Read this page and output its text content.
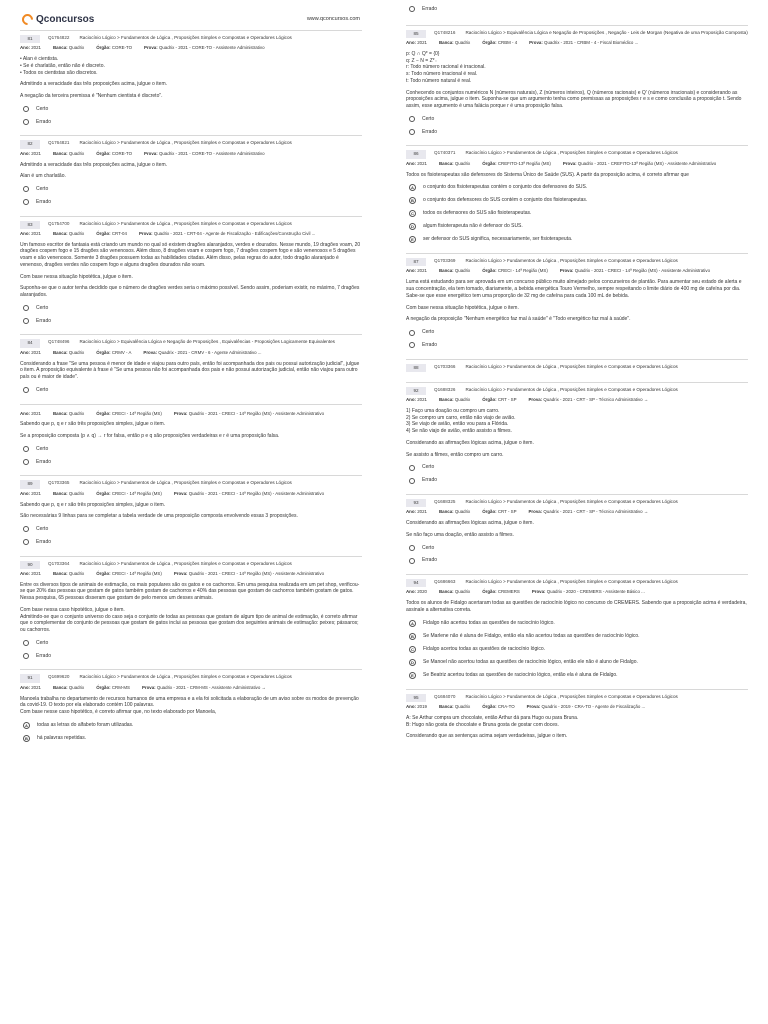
Qconcursos	www.qconcursos.com
81	Q1764822 Raciocínio Lógico > Fundamentos de Lógica , Proposições Simples e Compostas e Operadores Lógicos
Ano: 2021	Banca: Quadrix	Órgão: CORE-TO	Prova: Quadrix - 2021 - CORE-TO - Assistente Administrativo

• Alan é cientista.
• Se é charlatão, então não é discreto.
• Todos os cientistas são discretos.

Admitindo a veracidade das três proposições acima, julgue o item.

A negação da terceira premissa é "Nenhum cientista é discreto".

Certo
Errado
82	Q1764821 Raciocínio Lógico > Fundamentos de Lógica , Proposições Simples e Compostas e Operadores Lógicos
Ano: 2021	Banca: Quadrix	Órgão: CORE-TO	Prova: Quadrix - 2021 - CORE-TO - Assistente Administrativo

Admitindo a veracidade das três proposições acima, julgue o item.

Alan é um charlatão.

Certo
Errado
83	Q1754700 Raciocínio Lógico > Fundamentos de Lógica , Proposições Simples e Compostas e Operadores Lógicos
Ano: 2021	Banca: Quadrix	Órgão: CRT-04	Prova: Quadrix - 2021 - CRT-04 - Agente de Fiscalização - Edificações/Construção Civil ...

Um famoso escritor de fantasia está criando um mundo no qual só existem dragões alaranjados, verdes e dourados. Nesse mundo, 19 dragões voam, 20 dragões cospem fogo e 15 dragões são venenosos. Além disso, 8 dragões voam e cospem fogo, 7 dragões cospem fogo e são venenosos e 5 dragões voam e são venenosos. Somente 3 dragões possuem todas as habilidades citadas. Além disso, pelas regras do autor, todo dragão alaranjado é venenoso, dragões verdes não cospem fogo e alguns dragões dourados não voam.

Com base nessa situação hipotética, julgue o item.

Suponha-se que o autor tenha decidido que o número de dragões verdes seria o máximo possível. Sendo assim, poderiam existir, no máximo, 7 dragões alaranjados.

Certo
Errado
84	Q1748496 Raciocínio Lógico > Equivalência Lógica e Negação de Proposições , Equivalências - Proposições Logicamente Equivalentes
Ano: 2021	Banca: Quadrix	Órgão: CRMV - A	Prova: Quadrix - 2021 - CRMV - 6 - Agente Administrativo ...

Considerando a frase "Se uma pessoa é menor de idade e viajou para outro país, então foi acompanhada dos pais ou possui autorização judicial", julgue o item. A proposição equivalente à frase é "Se uma pessoa não foi acompanhada dos pais e não possui autorização judicial, então não viajou para outro país ou é maior de idade".

Certo
Ano: 2021	Banca: Quadrix	Órgão: CRECI - 14ª Região (MS)	Prova: Quadrix - 2021 - CRECI - 14ª Região (MS) - Assistente Administrativo

Sabendo que p, q e r são três proposições simples, julgue o item.

Se a proposição composta (p ∧ q) → r for falsa, então p e q são proposições verdadeiras e r é uma proposição falsa.

Certo
Errado
89	Q1703365 Raciocínio Lógico > Fundamentos de Lógica , Proposições Simples e Compostas e Operadores Lógicos
Ano: 2021	Banca: Quadrix	Órgão: CRECI - 14ª Região (MS)	Prova: Quadrix - 2021 - CRECI - 14ª Região (MS) - Assistente Administrativo

Sabendo que p, q e r são três proposições simples, julgue o item.

São necessárias 9 linhas para se completar a tabela verdade de uma proposição composta envolvendo essas 3 proposições.

Certo
Errado
90	Q1703364 Raciocínio Lógico > Fundamentos de Lógica , Proposições Simples e Compostas e Operadores Lógicos
Ano: 2021	Banca: Quadrix	Órgão: CRECI - 14ª Região (MS)	Prova: Quadrix - 2021 - CRECI - 14ª Região (MS) - Assistente Administrativo

Entre os diversos tipos de animais de estimação, os mais populares são os gatos e os cachorros. Em uma pesquisa realizada em um pet shop, verificou-se que 20% das pessoas que gostam de gatos também gostam de cachorros e 40% das pessoas que gostam de cachorros também gostam de gatos. Nessa pesquisa, 65 pessoas disseram que gostam de pelo menos um desses animais.

Com base nessa caso hipotético, julgue o item.
Admitindo-se que o conjunto universo do caso seja o conjunto de todas as pessoas que gostam de algum tipo de animal de estimação, é correto afirmar que o complementar do conjunto de pessoas que gostam de gatos inclui as pessoas que gostam dos seguintes animais de estimação: peixes; pássaros; ou cachorros.

Certo
Errado
91	Q1699620 Raciocínio Lógico > Fundamentos de Lógica , Proposições Simples e Compostas e Operadores Lógicos
Ano: 2021	Banca: Quadrix	Órgão: CRM-MS	Prova: Quadrix - 2021 - CRM-MS - Assistente Administrativo →

Manoela trabalha no departamento de recursos humanos de uma empresa e a ela foi solicitada a elaboração de um aviso sobre os modos de prevenção da covid-19. O texto por ela elaborado contém 100 palavras.
Com base nesse caso hipotético, é correto afirmar que, no texto elaborado por Manoela,

A	todas as letras do alfabeto foram utilizadas.
B	há palavras repetidas.
Errado
85	Q1748216 Raciocínio Lógico > Equivalência Lógica e Negação de Proposições , Negação - Leis de Morgan (Negativa de uma Proposição Composta)
Ano: 2021	Banca: Quadrix	Órgão: CRBM - 4	Prova: Quadrix - 2021 - CRBM - 4 - Fiscal Biomédico ...

p: Q ∩ Q* = {0}
q: Z − N = Z*₋
r: Todo número racional é irracional.
s: Todo número irracional é real.
t: Todo número natural é real.

Conhecendo os conjuntos numéricos N (números naturais), Z (números inteiros), Q (números racionais) e Q' (números irracionais) e considerando as proposições acima, julgue o item. Suponha-se que um argumento tenha como premissas as proposições r e s e como conclusão a proposição t. Sendo assim, esse argumento é uma falácia porque r é uma proposição falsa.

Certo
Errado
86	Q1740371 Raciocínio Lógico > Fundamentos de Lógica , Proposições Simples e Compostas e Operadores Lógicos
Ano: 2021	Banca: Quadrix	Órgão: CREFITO-13ª Região (MS)	Prova: Quadrix - 2021 - CREFITO-13ª Região (MS) - Assistente Administrativo

Todos os fisioterapeutas são defensores do Sistema Único de Saúde (SUS). A partir da proposição acima, é correto afirmar que

A	o conjunto dos fisioterapeutas contém o conjunto dos defensores do SUS.
B	o conjunto dos defensores do SUS contém o conjunto dos fisioterapeutas.
C	todos os defensores do SUS são fisioterapeutas.
D	algum fisioterapeuta não é defensor do SUS.
E	ser defensor do SUS significa, necessariamente, ser fisioterapeuta.
87	Q1703369 Raciocínio Lógico > Fundamentos de Lógica , Proposições Simples e Compostas e Operadores Lógicos
Ano: 2021	Banca: Quadrix	Órgão: CRECI - 14ª Região (MS)	Prova: Quadrix - 2021 - CRECI - 14ª Região (MS) - Assistente Administrativo

Luma está estudando para ser aprovada em um concurso público muito almejado pelos concurseiros de plantão. Para aumentar seu estado de alerta e sua concentração, ela tem tomado, diariamente, a bebida energética Touro Vermelho, sempre respeitando o limite diário de 400 mg de cafeína por dia. Sabe-se que esse energético tem uma proporção de 32 mg de cafeína para cada 100 mL de bebida.

Com base nessa situação hipotética, julgue o item.

A negação da proposição "Nenhum energético faz mal à saúde" é "Todo energético faz mal à saúde".

Certo
Errado
88	Q1703366 Raciocínio Lógico > Fundamentos de Lógica , Proposições Simples e Compostas e Operadores Lógicos
92	Q1688326 Raciocínio Lógico > Fundamentos de Lógica , Proposições Simples e Compostas e Operadores Lógicos
Ano: 2021	Banca: Quadrix	Órgão: CRT - SP	Prova: Quadrix - 2021 - CRT - SP - Técnico Administrativo →

1) Faço uma doação ou compro um carro.
2) Se compro um carro, então não viajo de avião.
3) Se viajo de avião, então vou para a Flórida.
4) Se não viajo de avião, então assisto a filmes.

Considerando as afirmações lógicas acima, julgue o item.

Se assisto a filmes, então compro um carro.

Certo
Errado
93	Q1688325 Raciocínio Lógico > Fundamentos de Lógica , Proposições Simples e Compostas e Operadores Lógicos
Ano: 2021	Banca: Quadrix	Órgão: CRT - SP	Prova: Quadrix - 2021 - CRT - SP - Técnico Administrativo →

Considerando as afirmações lógicas acima, julgue o item.

Se não faço uma doação, então assisto a filmes.

Certo
Errado
94	Q1686663 Raciocínio Lógico > Fundamentos de Lógica , Proposições Simples e Compostas e Operadores Lógicos
Ano: 2020	Banca: Quadrix	Órgão: CREMERS	Prova: Quadrix - 2020 - CREMERS - Assistente Básico ...

Todos os alunos de Fidalgo acertaram todas as questões de raciocínio lógico no concurso do CREMERS. Sabendo que a proposição acima é verdadeira, assinale a alternativa correta.

A	Fidalgo não acertou todas as questões de raciocínio lógico.
B	Se Marlene não é aluna de Fidalgo, então ela não acertou todas as questões de raciocínio lógico.
C	Fidalgo acertou todas as questões de raciocínio lógico.
D	Se Manoel não acertou todas as questões de raciocínio lógico, então ele não é aluno de Fidalgo.
E	Se Beatriz acertou todas as questões de raciocínio lógico, então ela é aluna de Fidalgo.
95	Q1684070 Raciocínio Lógico > Fundamentos de Lógica , Proposições Simples e Compostas e Operadores Lógicos
Ano: 2019	Banca: Quadrix	Órgão: CRA-TO	Prova: Quadrix - 2019 - CRA-TO - Agente de Fiscalização ...

A: Se Arthur compra um chocolate, então Arthur dá para Hugo ou para Bruna.
B: Hugo não gosta de chocolate e Bruna gosta de gostar com doces.

Considerando que as sentenças acima sejam verdadeiras, julgue o item.
